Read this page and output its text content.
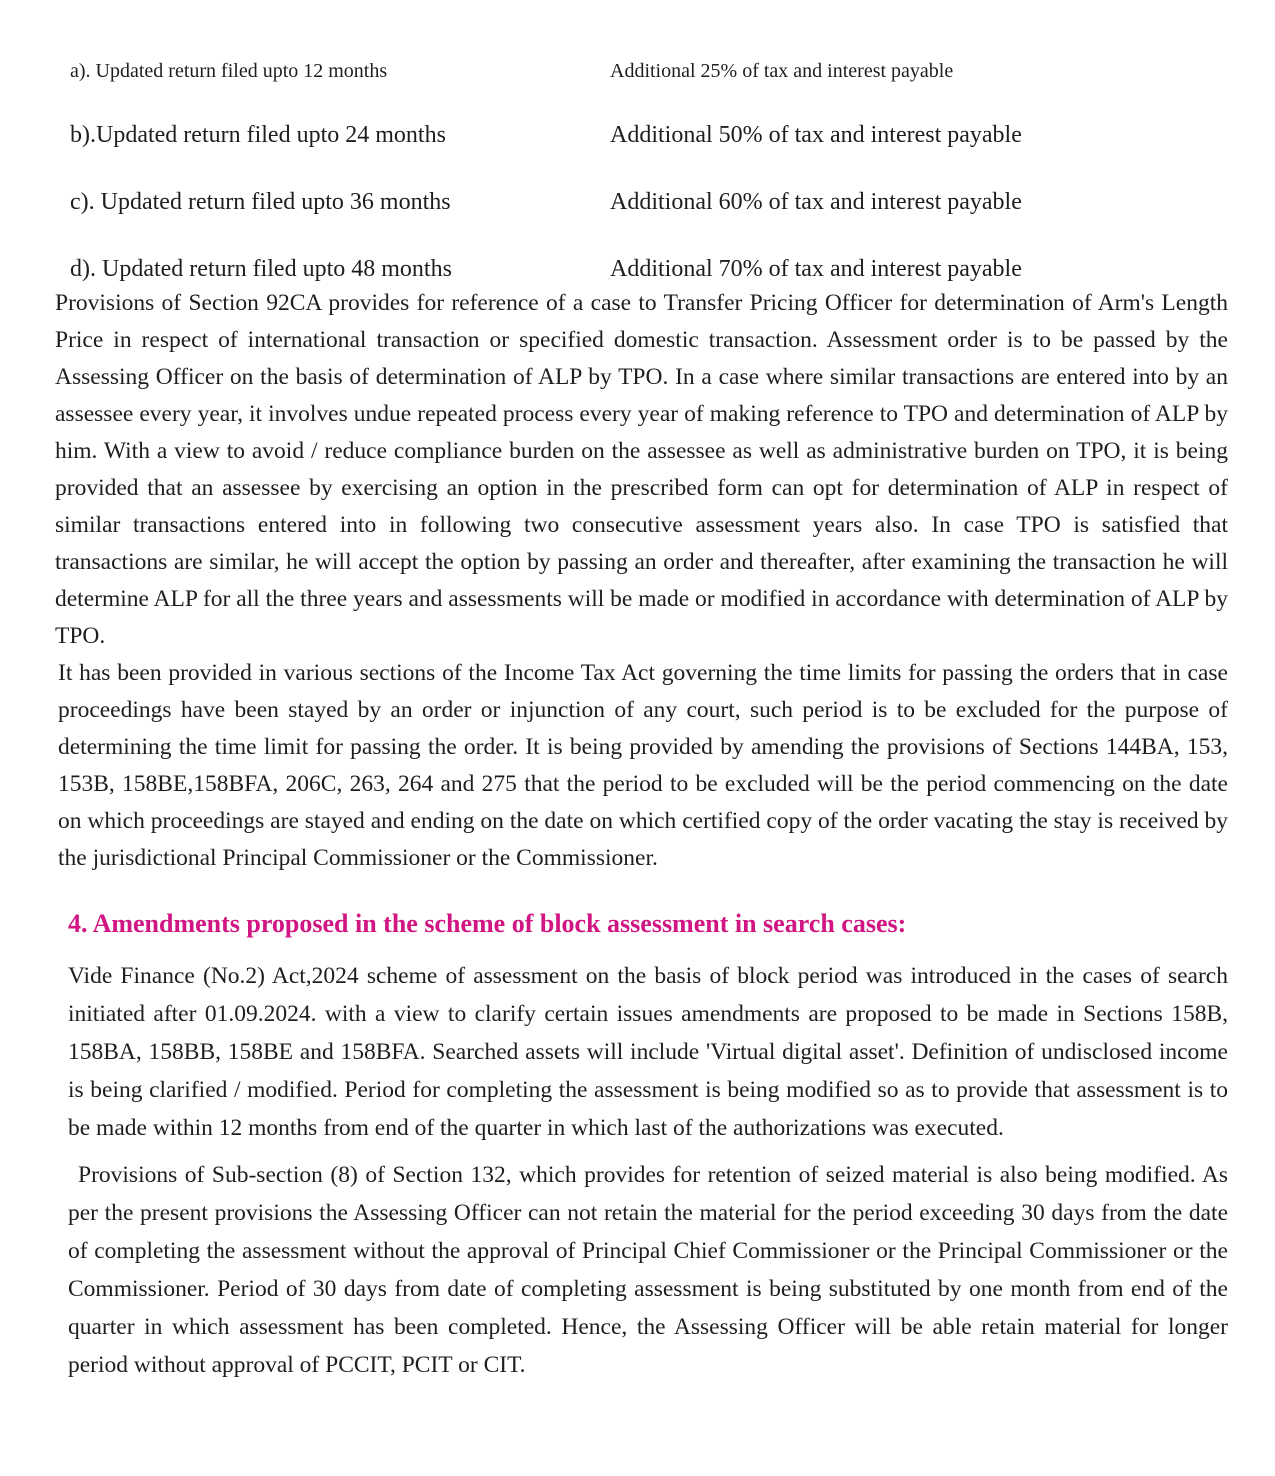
a). Updated return filed upto 12 months	Additional 25% of tax and interest payable
b).Updated return filed upto 24 months	Additional 50% of tax and interest payable
c). Updated return filed upto 36 months	Additional 60% of tax and interest payable
d). Updated return filed upto 48 months	Additional 70% of tax and interest payable

Provisions of Section 92CA provides for reference of a case to Transfer Pricing Officer for determination of Arm's Length Price in respect of international transaction or specified domestic transaction. Assessment order is to be passed by the Assessing Officer on the basis of determination of ALP by TPO. In a case where similar transactions are entered into by an assessee every year, it involves undue repeated process every year of making reference to TPO and determination of ALP by him. With a view to avoid / reduce compliance burden on the assessee as well as administrative burden on TPO, it is being provided that an assessee by exercising an option in the prescribed form can opt for determination of ALP in respect of similar transactions entered into in following two consecutive assessment years also. In case TPO is satisfied that transactions are similar, he will accept the option by passing an order and thereafter, after examining the transaction he will determine ALP for all the three years and assessments will be made or modified in accordance with determination of ALP by TPO.

It has been provided in various sections of the Income Tax Act governing the time limits for passing the orders that in case proceedings have been stayed by an order or injunction of any court, such period is to be excluded for the purpose of determining the time limit for passing the order. It is being provided by amending the provisions of Sections 144BA, 153, 153B, 158BE,158BFA, 206C, 263, 264 and 275 that the period to be excluded will be the period commencing on the date on which proceedings are stayed and ending on the date on which certified copy of the order vacating the stay is received by the jurisdictional Principal Commissioner or the Commissioner.

4. Amendments proposed in the scheme of block assessment in search cases:

Vide Finance (No.2) Act,2024 scheme of assessment on the basis of block period was introduced in the cases of search initiated after 01.09.2024. with a view to clarify certain issues amendments are proposed to be made in Sections 158B, 158BA, 158BB, 158BE and 158BFA. Searched assets will include 'Virtual digital asset'. Definition of undisclosed income is being clarified / modified. Period for completing the assessment is being modified so as to provide that assessment is to be made within 12 months from end of the quarter in which last of the authorizations was executed.

Provisions of Sub-section (8) of Section 132, which provides for retention of seized material is also being modified. As per the present provisions the Assessing Officer can not retain the material for the period exceeding 30 days from the date of completing the assessment without the approval of Principal Chief Commissioner or the Principal Commissioner or the Commissioner. Period of 30 days from date of completing assessment is being substituted by one month from end of the quarter in which assessment has been completed. Hence, the Assessing Officer will be able retain material for longer period without approval of PCCIT, PCIT or CIT.
